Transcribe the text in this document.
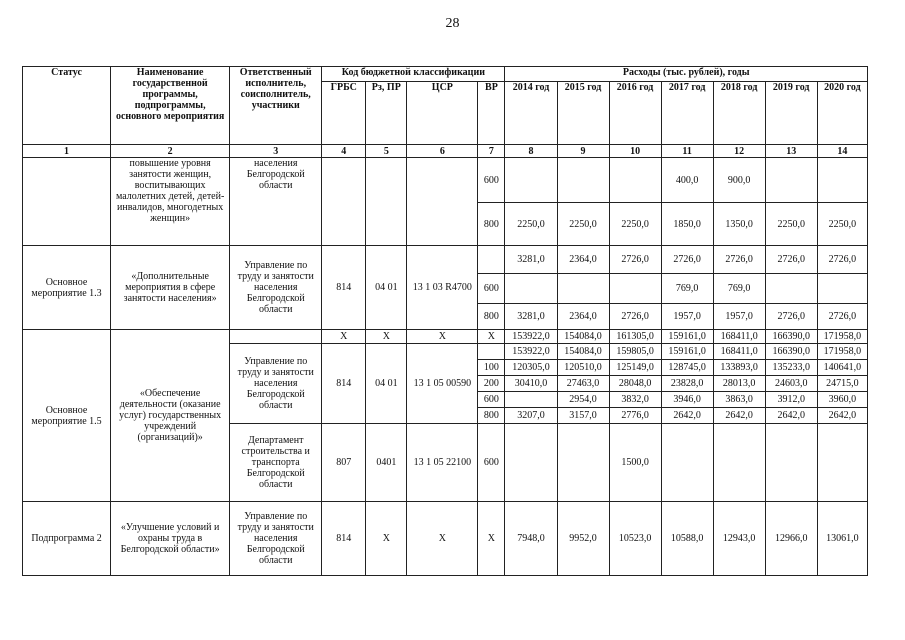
28
Статус	Наименование государственной программы, подпрограммы, основного мероприятия	Ответственный исполнитель, соисполнитель, участники	Код бюджетной классификации				Расходы (тыс. рублей), годы						
			ГРБС	Рз, ПР	ЦСР	ВР	2014 год	2015 год	2016 год	2017 год	2018 год	2019 год	2020 год
1	2	3	4	5	6	7	8	9	10	11	12	13	14
	повышение уровня занятости женщин, воспитывающих малолетних детей, детей-инвалидов, многодетных женщин»	населения Белгородской области				600				400,0	900,0		
						800	2250,0	2250,0	2250,0	1850,0	1350,0	2250,0	2250,0
Основное мероприятие 1.3	«Дополнительные мероприятия в сфере занятости населения»	Управление по труду и занятости населения Белгородской области	814	04 01	13 1 03 R4700		3281,0	2364,0	2726,0	2726,0	2726,0	2726,0	2726,0
						600				769,0	769,0		
						800	3281,0	2364,0	2726,0	1957,0	1957,0	2726,0	2726,0
Основное мероприятие 1.5	«Обеспечение деятельности (оказание услуг) государственных учреждений (организаций)»		Х	Х	Х	Х	153922,0	154084,0	161305,0	159161,0	168411,0	166390,0	171958,0
		Управление по труду и занятости населения Белгородской области	814	04 01	13 1 05 00590		153922,0	154084,0	159805,0	159161,0	168411,0	166390,0	171958,0
						100	120305,0	120510,0	125149,0	128745,0	133893,0	135233,0	140641,0
						200	30410,0	27463,0	28048,0	23828,0	28013,0	24603,0	24715,0
						600		2954,0	3832,0	3946,0	3863,0	3912,0	3960,0
						800	3207,0	3157,0	2776,0	2642,0	2642,0	2642,0	2642,0
		Департамент строительства и транспорта Белгородской области	807	0401	13 1 05 22100	600			1500,0				
Подпрограмма 2	«Улучшение условий и охраны труда в Белгородской области»	Управление по труду и занятости населения Белгородской области	814	Х	Х	Х	7948,0	9952,0	10523,0	10588,0	12943,0	12966,0	13061,0
